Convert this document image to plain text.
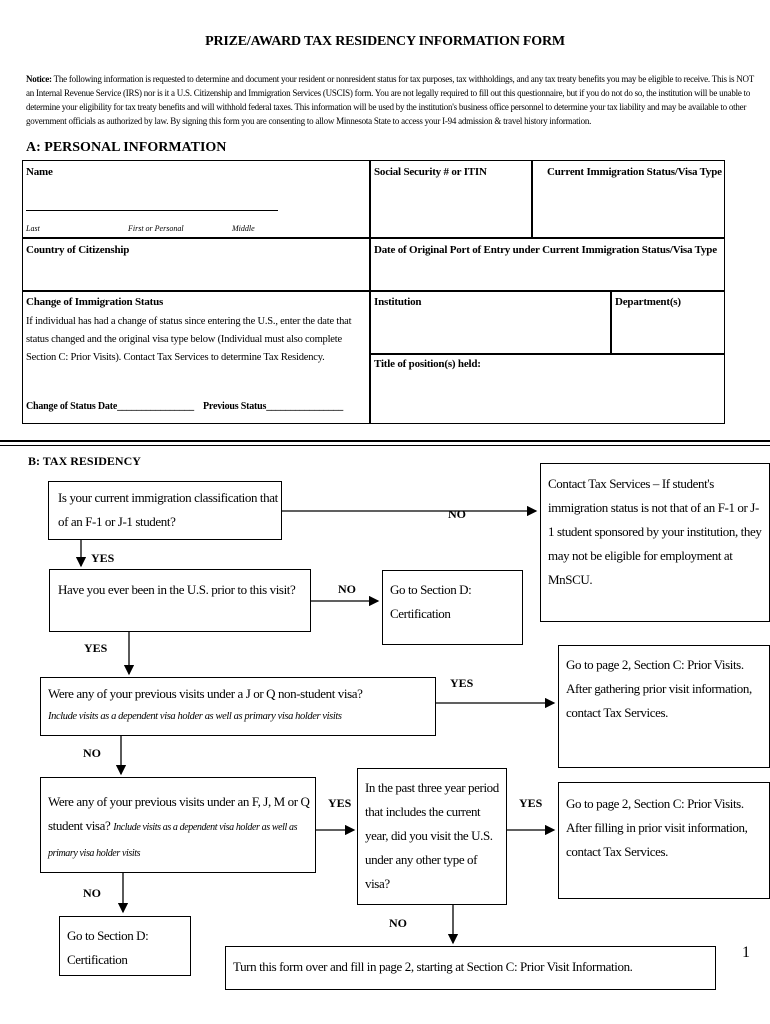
PRIZE/AWARD TAX RESIDENCY INFORMATION FORM
Notice: The following information is requested to determine and document your resident or nonresident status for tax purposes, tax withholdings, and any tax treaty benefits you may be eligible to receive. This is NOT an Internal Revenue Service (IRS) nor is it a U.S. Citizenship and Immigration Services (USCIS) form. You are not legally required to fill out this questionnaire, but if you do not do so, the institution will be unable to determine your eligibility for tax treaty benefits and will withhold federal taxes. This information will be used by the institution's business office personnel to determine your tax liability and may be available to other government officials as authorized by law. By signing this form you are consenting to allow Minnesota State to access your I-94 admission & travel history information.
A: PERSONAL INFORMATION
Name
Last	First or Personal	Middle
Social Security # or ITIN	Current Immigration Status/Visa Type
Country of Citizenship	Date of Original Port of Entry under Current Immigration Status/Visa Type
Change of Immigration Status
If individual has had a change of status since entering the U.S., enter the date that status changed and the original visa type below (Individual must also complete Section C: Prior Visits). Contact Tax Services to determine Tax Residency.
Change of Status Date________________ Previous Status________________
Institution	Department(s)
Title of position(s) held:
B: TAX RESIDENCY
Is your current immigration classification that of an F-1 or J-1 student?
Contact Tax Services – If student's immigration status is not that of an F-1 or J-1 student sponsored by your institution, they may not be eligible for employment at MnSCU.
Have you ever been in the U.S. prior to this visit?	Go to Section D: Certification
Were any of your previous visits under a J or Q non-student visa?
Include visits as a dependent visa holder as well as primary visa holder visits
Go to page 2, Section C: Prior Visits. After gathering prior visit information, contact Tax Services.
Were any of your previous visits under an F, J, M or Q student visa? Include visits as a dependent visa holder as well as primary visa holder visits
In the past three year period that includes the current year, did you visit the U.S. under any other type of visa?
Go to page 2, Section C: Prior Visits. After filling in prior visit information, contact Tax Services.
Go to Section D: Certification	Turn this form over and fill in page 2, starting at Section C: Prior Visit Information.
NO
YES
NO
YES
YES
NO
YES	YES
NO
NO
1
